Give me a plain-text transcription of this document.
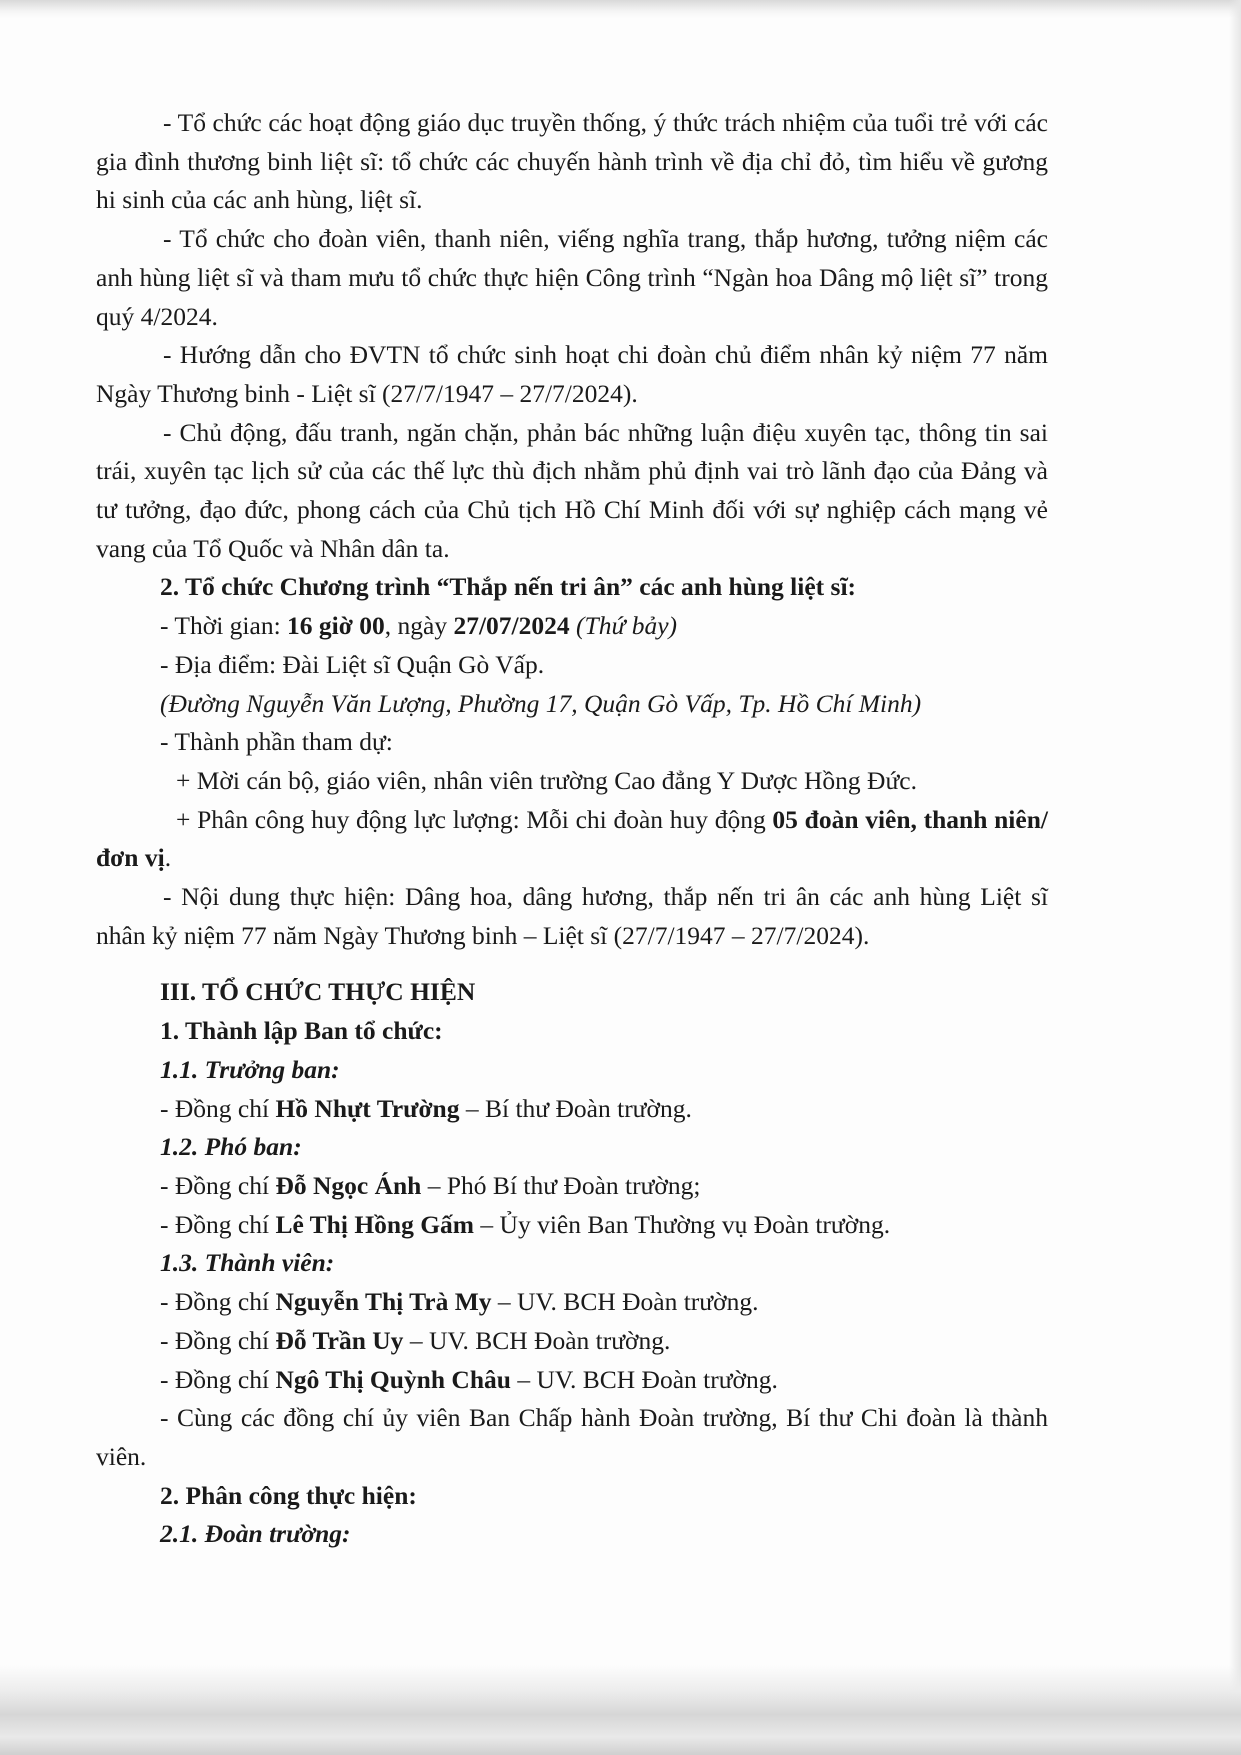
- Tổ chức các hoạt động giáo dục truyền thống, ý thức trách nhiệm của tuổi trẻ với các gia đình thương binh liệt sĩ: tổ chức các chuyến hành trình về địa chỉ đỏ, tìm hiểu về gương hi sinh của các anh hùng, liệt sĩ.

- Tổ chức cho đoàn viên, thanh niên, viếng nghĩa trang, thắp hương, tưởng niệm các anh hùng liệt sĩ và tham mưu tổ chức thực hiện Công trình “Ngàn hoa Dâng mộ liệt sĩ” trong quý 4/2024.

- Hướng dẫn cho ĐVTN tổ chức sinh hoạt chi đoàn chủ điểm nhân kỷ niệm 77 năm Ngày Thương binh - Liệt sĩ (27/7/1947 – 27/7/2024).

- Chủ động, đấu tranh, ngăn chặn, phản bác những luận điệu xuyên tạc, thông tin sai trái, xuyên tạc lịch sử của các thế lực thù địch nhằm phủ định vai trò lãnh đạo của Đảng và tư tưởng, đạo đức, phong cách của Chủ tịch Hồ Chí Minh đối với sự nghiệp cách mạng vẻ vang của Tổ Quốc và Nhân dân ta.

2. Tổ chức Chương trình “Thắp nến tri ân” các anh hùng liệt sĩ:

- Thời gian: 16 giờ 00, ngày 27/07/2024 (Thứ bảy)

- Địa điểm: Đài Liệt sĩ Quận Gò Vấp.

(Đường Nguyễn Văn Lượng, Phường 17, Quận Gò Vấp, Tp. Hồ Chí Minh)

- Thành phần tham dự:

+ Mời cán bộ, giáo viên, nhân viên trường Cao đẳng Y Dược Hồng Đức.

+ Phân công huy động lực lượng: Mỗi chi đoàn huy động 05 đoàn viên, thanh niên/đơn vị.

- Nội dung thực hiện: Dâng hoa, dâng hương, thắp nến tri ân các anh hùng Liệt sĩ nhân kỷ niệm 77 năm Ngày Thương binh – Liệt sĩ (27/7/1947 – 27/7/2024).

III. TỔ CHỨC THỰC HIỆN

1. Thành lập Ban tổ chức:

1.1. Trưởng ban:

- Đồng chí Hồ Nhựt Trường – Bí thư Đoàn trường.

1.2. Phó ban:

- Đồng chí Đỗ Ngọc Ánh – Phó Bí thư Đoàn trường;

- Đồng chí Lê Thị Hồng Gấm – Ủy viên Ban Thường vụ Đoàn trường.

1.3. Thành viên:

- Đồng chí Nguyễn Thị Trà My – UV. BCH Đoàn trường.

- Đồng chí Đỗ Trần Uy – UV. BCH Đoàn trường.

- Đồng chí Ngô Thị Quỳnh Châu – UV. BCH Đoàn trường.

- Cùng các đồng chí ủy viên Ban Chấp hành Đoàn trường, Bí thư Chi đoàn là thành viên.

2. Phân công thực hiện:

2.1. Đoàn trường:
